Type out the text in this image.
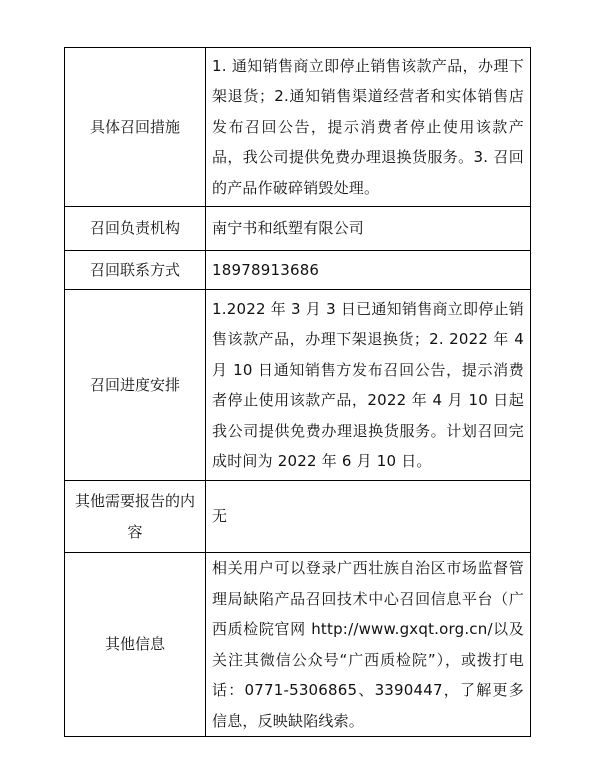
具体召回措施	1. 通知销售商立即停止销售该款产品，办理下架退货；2.通知销售渠道经营者和实体销售店发布召回公告，提示消费者停止使用该款产品，我公司提供免费办理退换货服务。3. 召回的产品作破碎销毁处理。
召回负责机构	南宁书和纸塑有限公司
召回联系方式	18978913686
召回进度安排	1.2022 年 3 月 3 日已通知销售商立即停止销售该款产品，办理下架退换货；2. 2022 年 4 月 10 日通知销售方发布召回公告，提示消费者停止使用该款产品，2022 年 4 月 10 日起我公司提供免费办理退换货服务。计划召回完成时间为 2022 年 6 月 10 日。
其他需要报告的内容	无
其他信息	相关用户可以登录广西壮族自治区市场监督管理局缺陷产品召回技术中心召回信息平台（广西质检院官网 http://www.gxqt.org.cn/以及关注其微信公众号“广西质检院”），或拨打电话：0771-5306865、3390447，了解更多信息，反映缺陷线索。
